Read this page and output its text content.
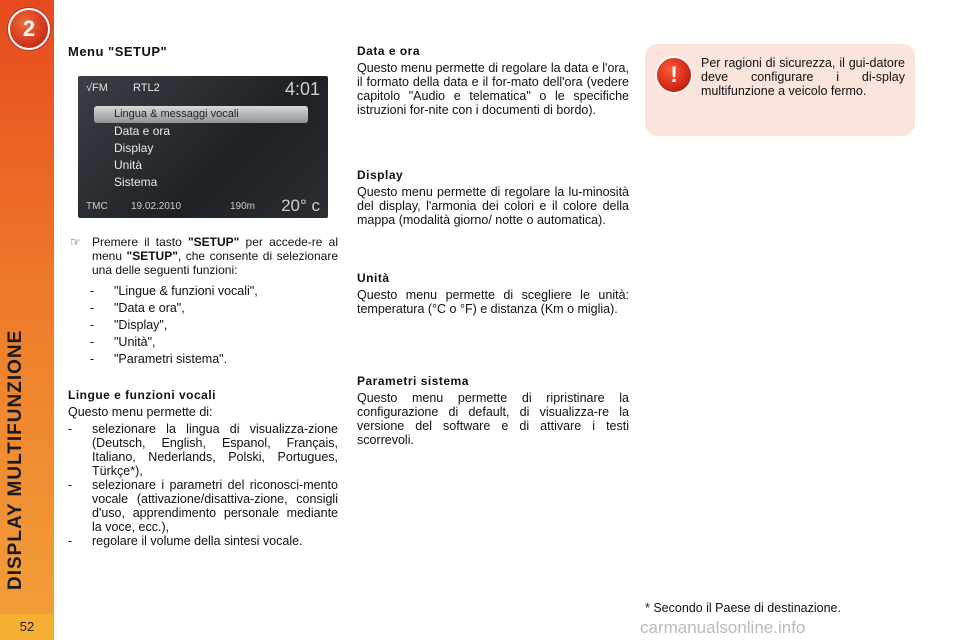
2
DISPLAY MULTIFUNZIONE
52
Menu "SETUP"
√FM RTL2	4:01
Lingua & messaggi vocali
Data e ora
Display
Unità
Sistema
TMC 19.02.2010	190m 20° c
☞ Premere il tasto "SETUP" per accede-re al menu "SETUP", che consente di selezionare una delle seguenti funzioni:
- "Lingue & funzioni vocali",
- "Data e ora",
- "Display",
- "Unità",
- "Parametri sistema".
Lingue e funzioni vocali
Questo menu permette di:
- selezionare la lingua di visualizza-zione (Deutsch, English, Espanol, Français, Italiano, Nederlands, Polski, Portugues, Türkçe*),
- selezionare i parametri del riconosci-mento vocale (attivazione/disattiva-zione, consigli d'uso, apprendimento personale mediante la voce, ecc.),
- regolare il volume della sintesi vocale.
Data e ora
Questo menu permette di regolare la data e l'ora, il formato della data e il for-mato dell'ora (vedere capitolo "Audio e telematica" o le specifiche istruzioni for-nite con i documenti di bordo).
Display
Questo menu permette di regolare la lu-minosità del display, l'armonia dei colori e il colore della mappa (modalità giorno/ notte o automatica).
Unità
Questo menu permette di scegliere le unità: temperatura (°C o °F) e distanza (Km o miglia).
Parametri sistema
Questo menu permette di ripristinare la configurazione di default, di visualizza-re la versione del software e di attivare i testi scorrevoli.
!	Per ragioni di sicurezza, il gui-datore deve configurare i di-splay multifunzione a veicolo fermo.
* Secondo il Paese di destinazione.
carmanualsonline.info
